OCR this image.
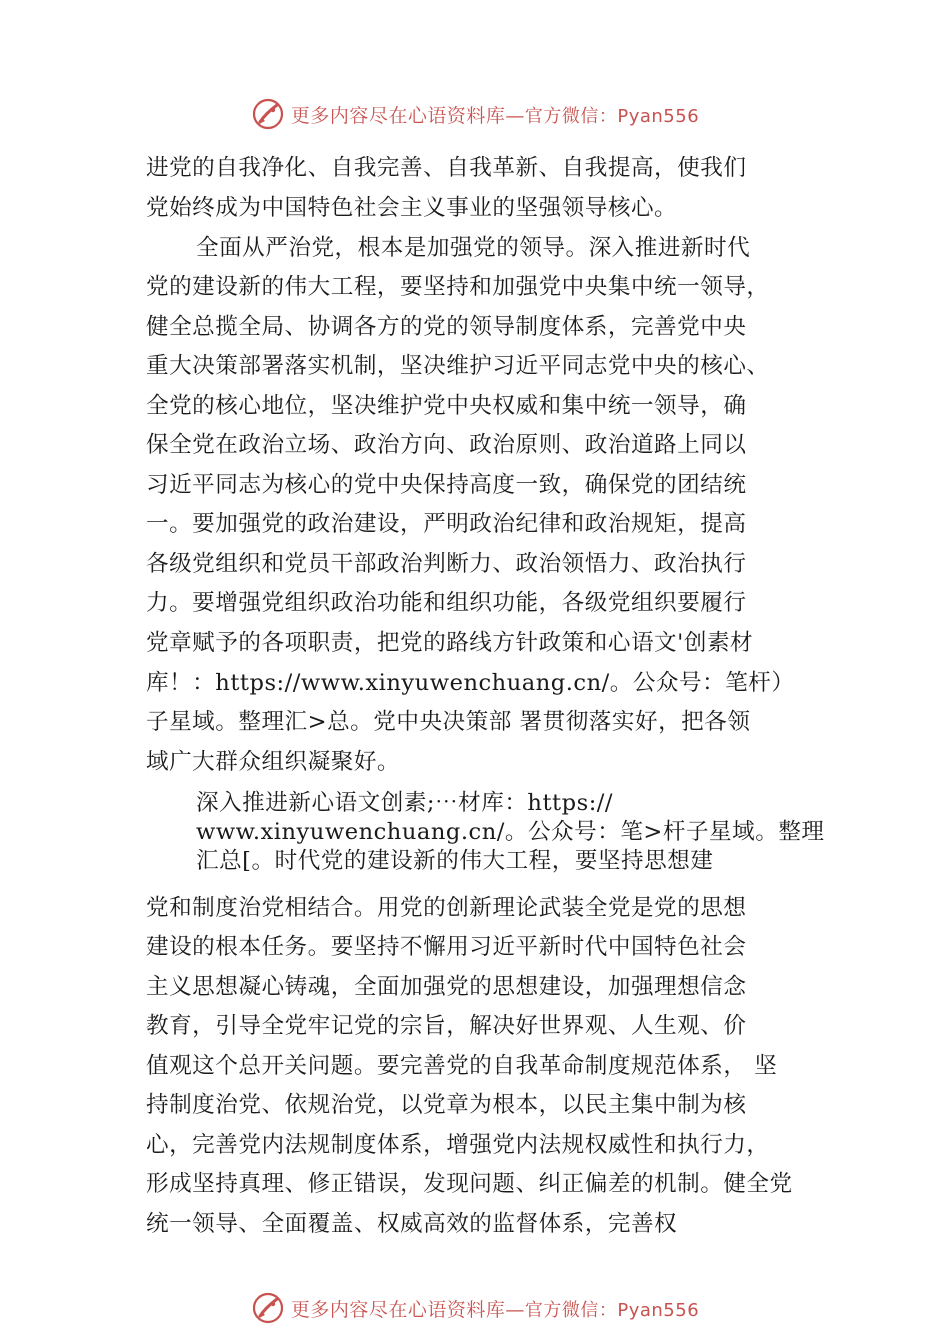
更多内容尽在心语资料库—官方微信：Pyan556
进党的自我净化、自我完善、自我革新、自我提高，使我们
党始终成为中国特色社会主义事业的坚强领导核心。
全面从严治党，根本是加强党的领导。深入推进新时代
党的建设新的伟大工程，要坚持和加强党中央集中统一领导，
健全总揽全局、协调各方的党的领导制度体系，完善党中央
重大决策部署落实机制，坚决维护习近平同志党中央的核心、
全党的核心地位，坚决维护党中央权威和集中统一领导，确
保全党在政治立场、政治方向、政治原则、政治道路上同以
习近平同志为核心的党中央保持高度一致，确保党的团结统
一。要加强党的政治建设，严明政治纪律和政治规矩，提高
各级党组织和党员干部政治判断力、政治领悟力、政治执行
力。要增强党组织政治功能和组织功能，各级党组织要履行
党章赋予的各项职责，把党的路线方针政策和心语文'创素材
库！：https://www.xinyuwenchuang.cn/。公众号：笔杆）
子星域。整理汇>总。党中央决策部 署贯彻落实好，把各领
域广大群众组织凝聚好。
深入推进新心语文创素;⋯材库：https://
www.xinyuwenchuang.cn/。公众号：笔>杆子星域。整理
汇总[。时代党的建设新的伟大工程，要坚持思想建
党和制度治党相结合。用党的创新理论武装全党是党的思想
建设的根本任务。要坚持不懈用习近平新时代中国特色社会
主义思想凝心铸魂，全面加强党的思想建设，加强理想信念
教育，引导全党牢记党的宗旨，解决好世界观、人生观、价
值观这个总开关问题。要完善党的自我革命制度规范体系， 坚
持制度治党、依规治党，以党章为根本，以民主集中制为核
心，完善党内法规制度体系，增强党内法规权威性和执行力，
形成坚持真理、修正错误，发现问题、纠正偏差的机制。健全党
统一领导、全面覆盖、权威高效的监督体系，完善权
更多内容尽在心语资料库—官方微信：Pyan556
